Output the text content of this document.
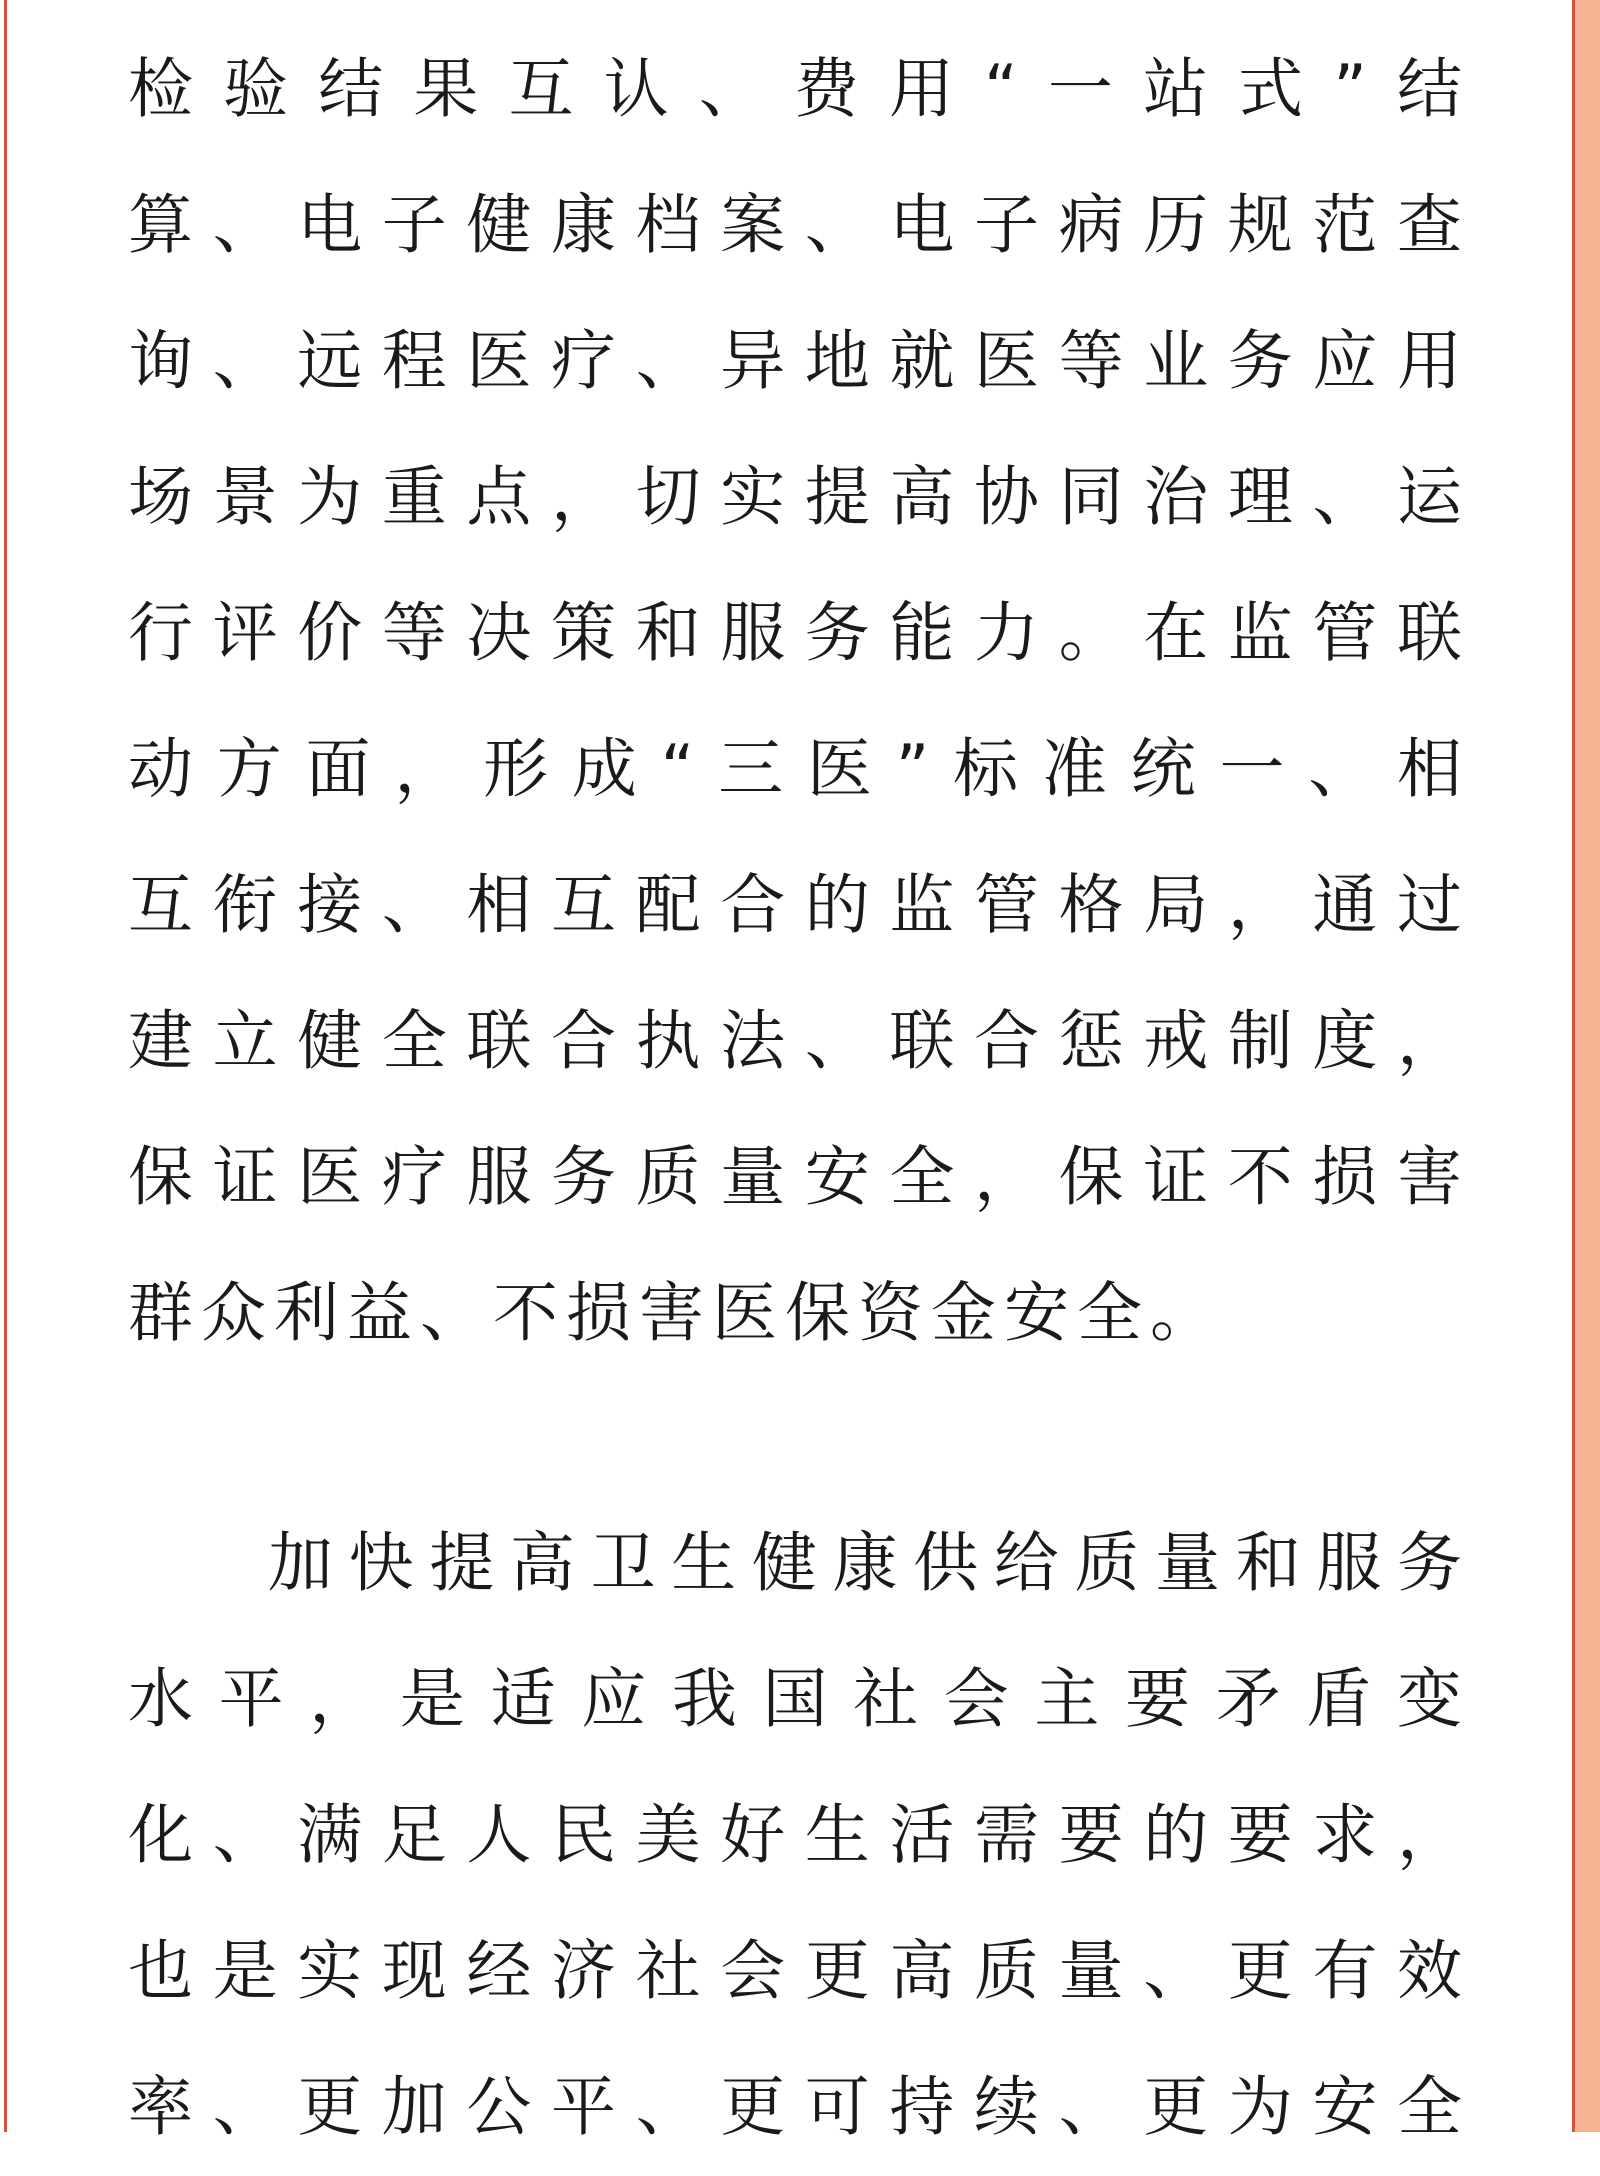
检验结果互认、费用“一站式”结
算、电子健康档案、电子病历规范查
询、远程医疗、异地就医等业务应用
场景为重点，切实提高协同治理、运
行评价等决策和服务能力。在监管联
动方面，形成“三医”标准统一、相
互衔接、相互配合的监管格局，通过
建立健全联合执法、联合惩戒制度，
保证医疗服务质量安全，保证不损害
群众利益、不损害医保资金安全。
加快提高卫生健康供给质量和服务
水平，是适应我国社会主要矛盾变
化、满足人民美好生活需要的要求，
也是实现经济社会更高质量、更有效
率、更加公平、更可持续、更为安全
